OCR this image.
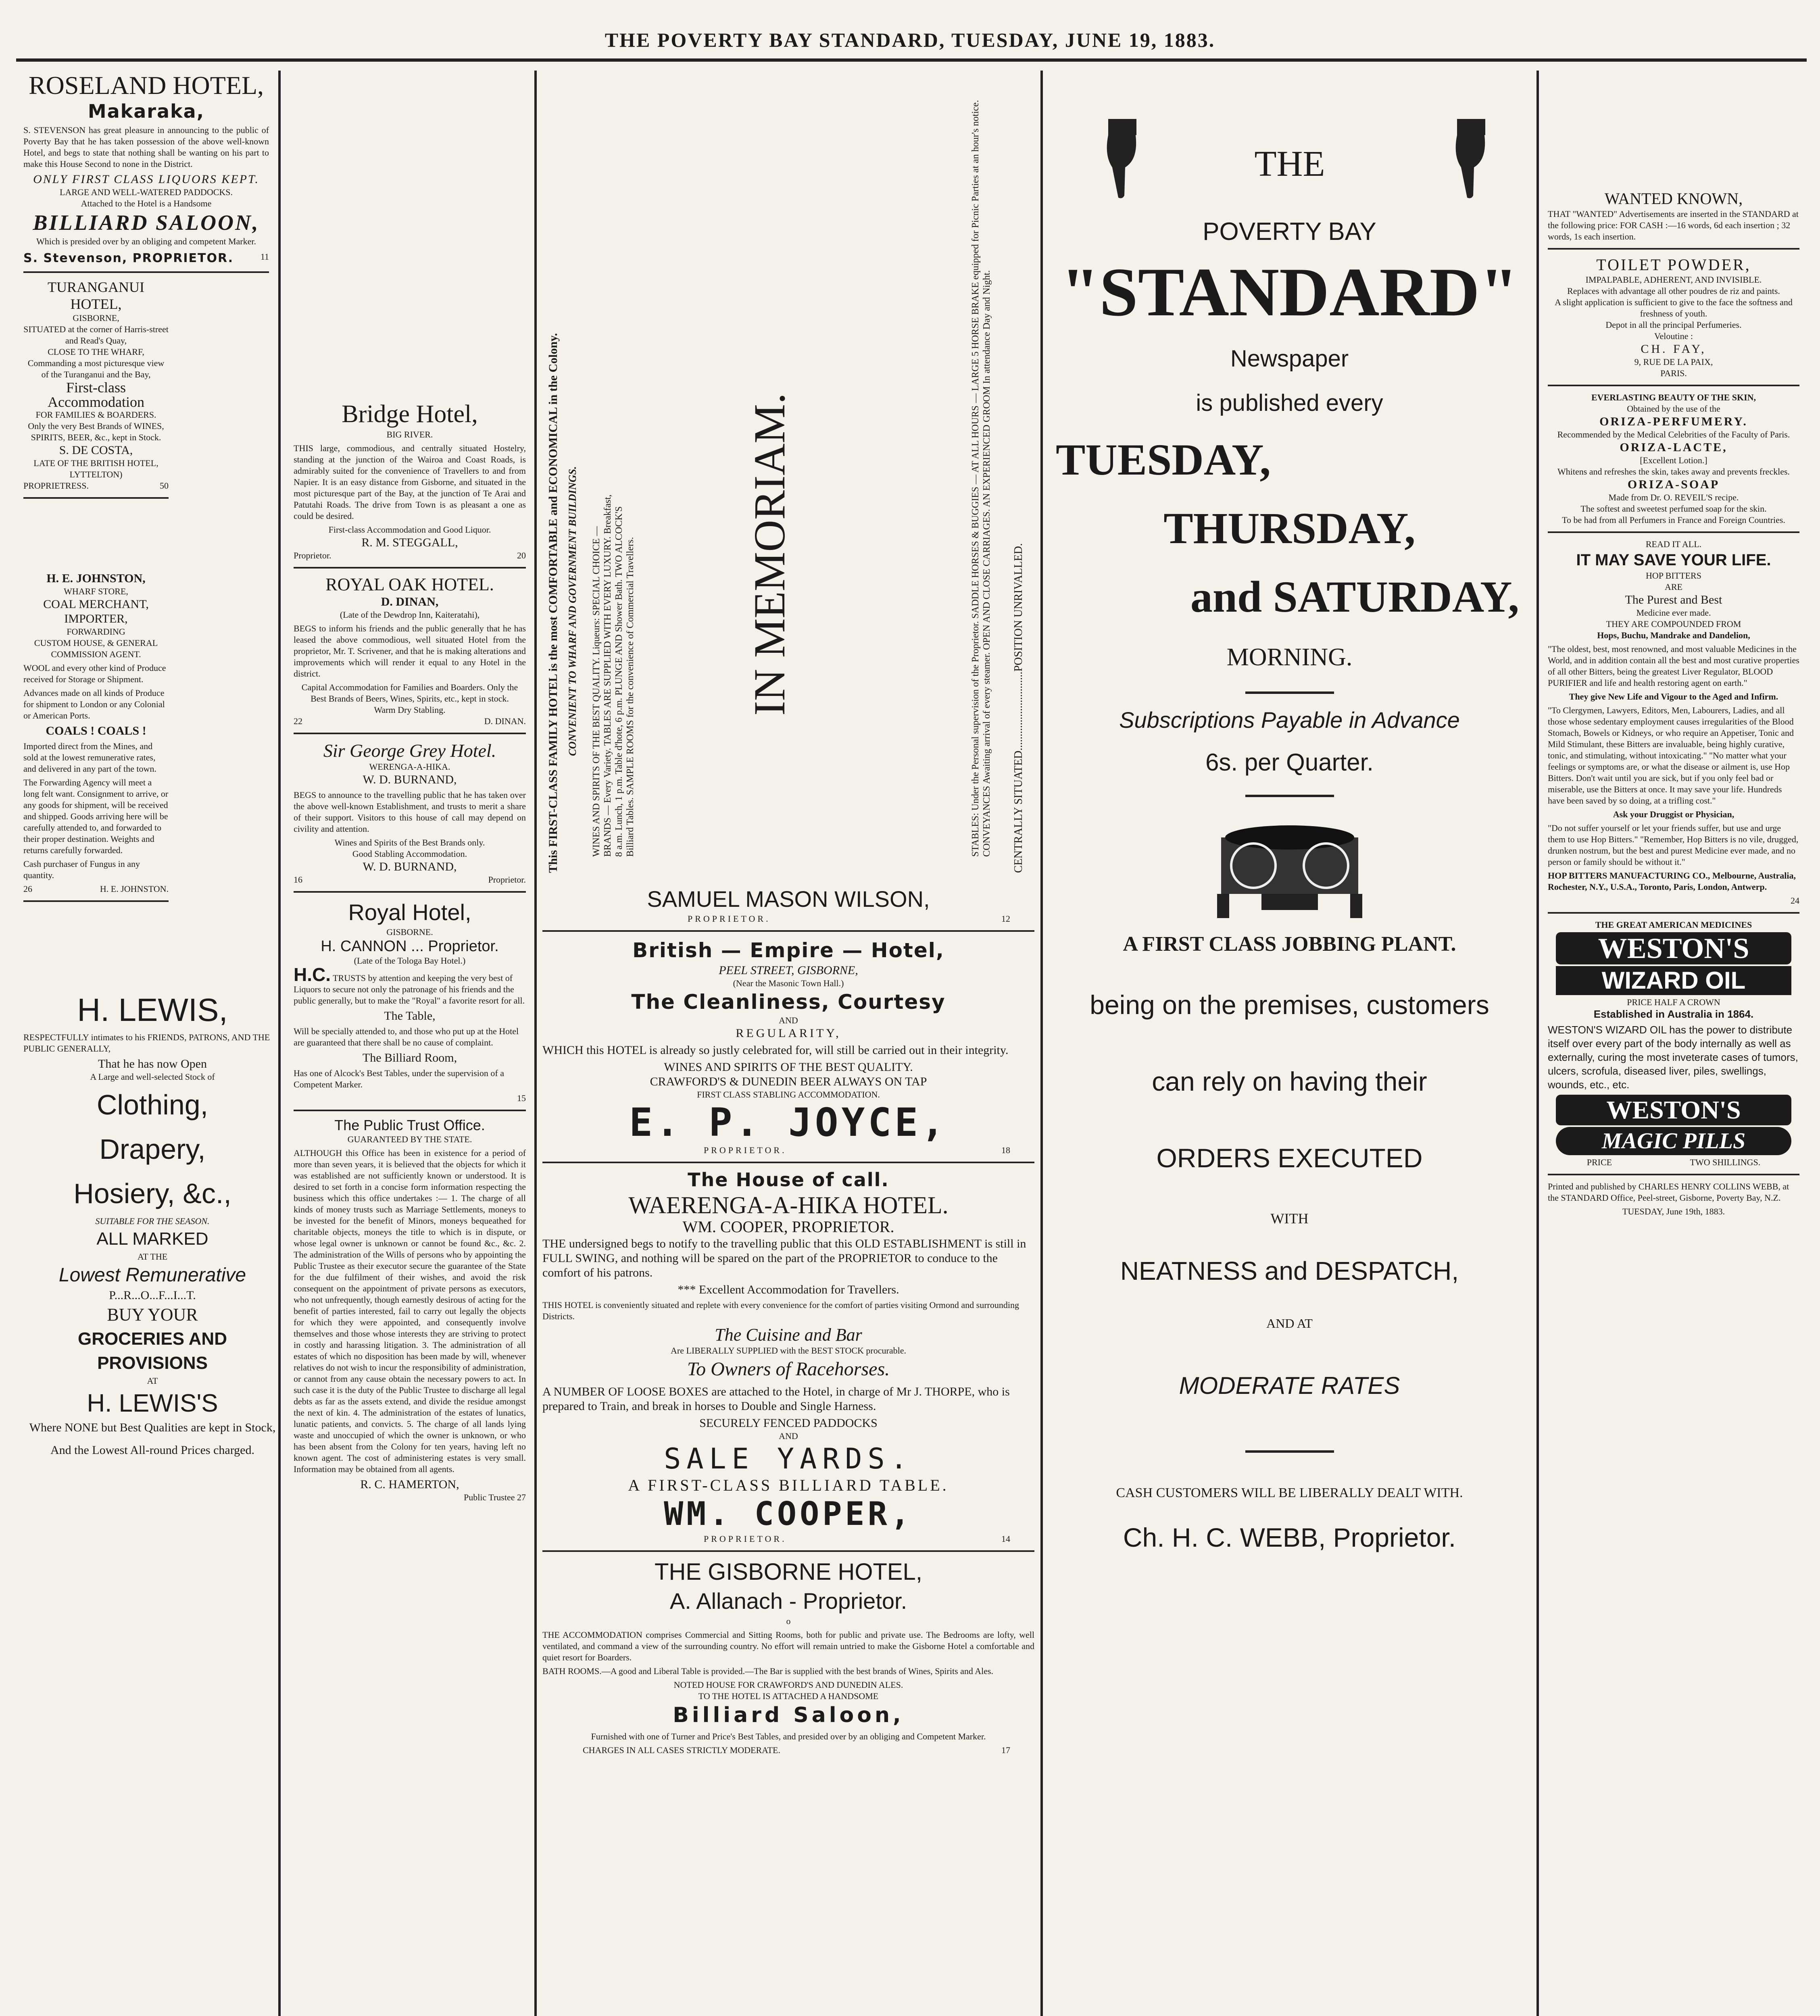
THE POVERTY BAY STANDARD, TUESDAY, JUNE 19, 1883.
ROSELAND HOTEL,
Makaraka,
S. STEVENSON has great pleasure in announcing to the public of Poverty Bay that he has taken possession of the above well-known Hotel, and begs to state that nothing shall be wanting on his part to make this House Second to none in the District.
ONLY FIRST CLASS LIQUORS KEPT.
LARGE AND WELL-WATERED PADDOCKS.
Attached to the Hotel is a Handsome
BILLIARD SALOON,
Which is presided over by an obliging and competent Marker.
S. Stevenson, PROPRIETOR.	11
TURANGANUI HOTEL,
GISBORNE,
SITUATED at the corner of Harris-street and Read's Quay,
CLOSE TO THE WHARF,
Commanding a most picturesque view of the Turanganui and the Bay,
First-class Accommodation
FOR FAMILIES & BOARDERS.
Only the very Best Brands of WINES, SPIRITS, BEER, &c., kept in Stock.
S. DE COSTA,
LATE OF THE BRITISH HOTEL, LYTTELTON)
PROPRIETRESS.	50
H. E. JOHNSTON,
WHARF STORE,
COAL MERCHANT, IMPORTER,
FORWARDING
CUSTOM HOUSE, & GENERAL COMMISSION AGENT.
WOOL and every other kind of Produce received for Storage or Shipment.
Advances made on all kinds of Produce for shipment to London or any Colonial or American Ports.
COALS ! COALS !
Imported direct from the Mines, and sold at the lowest remunerative rates, and delivered in any part of the town.
The Forwarding Agency will meet a long felt want. Consignment to arrive, or any goods for shipment, will be received and shipped. Goods arriving here will be carefully attended to, and forwarded to their proper destination. Weights and returns carefully forwarded.
Cash purchaser of Fungus in any quantity.
26	H. E. JOHNSTON.
H. LEWIS,
RESPECTFULLY intimates to his FRIENDS, PATRONS, AND THE PUBLIC GENERALLY,
That he has now Open
A Large and well-selected Stock of
Clothing,
Drapery,
Hosiery, &c.,
SUITABLE FOR THE SEASON.
ALL MARKED
AT THE
Lowest Remunerative
P...R...O...F...I...T.
BUY YOUR
GROCERIES AND PROVISIONS
AT
H. LEWIS'S
Where NONE but Best Qualities are kept in Stock,
And the Lowest All-round Prices charged.
Bridge Hotel,
BIG RIVER.
THIS large, commodious, and centrally situated Hostelry, standing at the junction of the Wairoa and Coast Roads, is admirably suited for the convenience of Travellers to and from Napier. It is an easy distance from Gisborne, and situated in the most picturesque part of the Bay, at the junction of Te Arai and Patutahi Roads. The drive from Town is as pleasant a one as could be desired.
First-class Accommodation and Good Liquor.
R. M. STEGGALL,
Proprietor.	20
ROYAL OAK HOTEL.
D. DINAN,
(Late of the Dewdrop Inn, Kaiteratahi),
BEGS to inform his friends and the public generally that he has leased the above commodious, well situated Hotel from the proprietor, Mr. T. Scrivener, and that he is making alterations and improvements which will render it equal to any Hotel in the district.
Capital Accommodation for Families and Boarders. Only the Best Brands of Beers, Wines, Spirits, etc., kept in stock.
Warm Dry Stabling.
22	D. DINAN.
Sir George Grey Hotel.
WERENGA-A-HIKA.
W. D. BURNAND,
BEGS to announce to the travelling public that he has taken over the above well-known Establishment, and trusts to merit a share of their support. Visitors to this house of call may depend on civility and attention.
Wines and Spirits of the Best Brands only.
Good Stabling Accommodation.
W. D. BURNAND,
16	Proprietor.
Royal Hotel,
GISBORNE.
H. CANNON ... Proprietor.
(Late of the Tologa Bay Hotel.)
H.C. TRUSTS by attention and keeping the very best of Liquors to secure not only the patronage of his friends and the public generally, but to make the "Royal" a favorite resort for all.
The Table,
Will be specially attended to, and those who put up at the Hotel are guaranteed that there shall be no cause of complaint.
The Billiard Room,
Has one of Alcock's Best Tables, under the supervision of a Competent Marker.
15
The Public Trust Office.
GUARANTEED BY THE STATE.
ALTHOUGH this Office has been in existence for a period of more than seven years, it is believed that the objects for which it was established are not sufficiently known or understood. It is desired to set forth in a concise form information respecting the business which this office undertakes :— 1. The charge of all kinds of money trusts such as Marriage Settlements, moneys to be invested for the benefit of Minors, moneys bequeathed for charitable objects, moneys the title to which is in dispute, or whose legal owner is unknown or cannot be found &c., &c. 2. The administration of the Wills of persons who by appointing the Public Trustee as their executor secure the guarantee of the State for the due fulfilment of their wishes, and avoid the risk consequent on the appointment of private persons as executors, who not unfrequently, though earnestly desirous of acting for the benefit of parties interested, fail to carry out legally the objects for which they were appointed, and consequently involve themselves and those whose interests they are striving to protect in costly and harassing litigation. 3. The administration of all estates of which no disposition has been made by will, whenever relatives do not wish to incur the responsibility of administration, or cannot from any cause obtain the necessary powers to act. In such case it is the duty of the Public Trustee to discharge all legal debts as far as the assets extend, and divide the residue amongst the next of kin. 4. The administration of the estates of lunatics, lunatic patients, and convicts. 5. The charge of all lands lying waste and unoccupied of which the owner is unknown, or who has been absent from the Colony for ten years, having left no known agent. The cost of administering estates is very small. Information may be obtained from all agents.
R. C. HAMERTON,
Public Trustee 27
This FIRST-CLASS FAMILY HOTEL is the most COMFORTABLE and ECONOMICAL in the Colony. CONVENIENT TO WHARF AND GOVERNMENT BUILDINGS.	CENTRALLY SITUATED............................POSITION UNRIVALLED.
IN MEMORIAM.	STABLES: Under the Personal supervision of the Proprietor. SADDLE HORSES & BUGGIES — AT ALL HOURS — LARGE 5 HORSE BRAKE equipped for Picnic Parties at an hour's notice. CONVEYANCES Awaiting arrival of every steamer. OPEN AND CLOSE CARRIAGES. AN EXPERIENCED GROOM In attendance Day and Night.
WINES AND SPIRITS OF THE BEST QUALITY. Liqueurs: SPECIAL CHOICE — BRANDS — Every Variety. TABLES ARE SUPPLIED WITH EVERY LUXURY. Breakfast, 8 a.m. Lunch, 1 p.m. Table d'hote, 6 p.m. PLUNGE AND Shower Bath. TWO ALCOCK'S Billiard Tables. SAMPLE ROOMS for the convenience of Commercial Travellers.
SAMUEL MASON WILSON,
PROPRIETOR.	12
British — Empire — Hotel,
PEEL STREET, GISBORNE,
(Near the Masonic Town Hall.)
The Cleanliness, Courtesy
AND
REGULARITY,
WHICH this HOTEL is already so justly celebrated for, will still be carried out in their integrity.
WINES AND SPIRITS OF THE BEST QUALITY.
CRAWFORD'S & DUNEDIN BEER ALWAYS ON TAP
FIRST CLASS STABLING ACCOMMODATION.
E. P. JOYCE,
PROPRIETOR.	18
The House of call.
WAERENGA-A-HIKA HOTEL.
WM. COOPER, PROPRIETOR.
THE undersigned begs to notify to the travelling public that this OLD ESTABLISHMENT is still in FULL SWING, and nothing will be spared on the part of the PROPRIETOR to conduce to the comfort of his patrons.
*** Excellent Accommodation for Travellers.
THIS HOTEL is conveniently situated and replete with every convenience for the comfort of parties visiting Ormond and surrounding Districts.
The Cuisine and Bar
Are LIBERALLY SUPPLIED with the BEST STOCK procurable.
To Owners of Racehorses.
A NUMBER OF LOOSE BOXES are attached to the Hotel, in charge of Mr J. THORPE, who is prepared to Train, and break in horses to Double and Single Harness.
SECURELY FENCED PADDOCKS
AND
SALE YARDS.
A FIRST-CLASS BILLIARD TABLE.
WM. COOPER,
PROPRIETOR.	14
THE GISBORNE HOTEL,
A. Allanach - Proprietor.
o
THE ACCOMMODATION comprises Commercial and Sitting Rooms, both for public and private use. The Bedrooms are lofty, well ventilated, and command a view of the surrounding country. No effort will remain untried to make the Gisborne Hotel a comfortable and quiet resort for Boarders.
BATH ROOMS.—A good and Liberal Table is provided.—The Bar is supplied with the best brands of Wines, Spirits and Ales.
NOTED HOUSE FOR CRAWFORD'S AND DUNEDIN ALES.
TO THE HOTEL IS ATTACHED A HANDSOME
Billiard Saloon,
Furnished with one of Turner and Price's Best Tables, and presided over by an obliging and Competent Marker.
CHARGES IN ALL CASES STRICTLY MODERATE.	17
THE
POVERTY BAY
"STANDARD"
Newspaper
is published every
TUESDAY,
THURSDAY,
and SATURDAY,
MORNING.
Subscriptions Payable in Advance
6s. per Quarter.
A FIRST CLASS JOBBING PLANT.
being on the premises, customers
can rely on having their
ORDERS EXECUTED
WITH
NEATNESS and DESPATCH,
AND AT
MODERATE RATES
CASH CUSTOMERS WILL BE LIBERALLY DEALT WITH.
Ch. H. C. WEBB, Proprietor.
WANTED KNOWN,
THAT "WANTED" Advertisements are inserted in the STANDARD at the following price: FOR CASH :—16 words, 6d each insertion ; 32 words, 1s each insertion.
TOILET POWDER,
IMPALPABLE, ADHERENT, AND INVISIBLE.
Replaces with advantage all other poudres de riz and paints.
A slight application is sufficient to give to the face the softness and freshness of youth.
Depot in all the principal Perfumeries.
Veloutine :
CH. FAY,
9, RUE DE LA PAIX,
PARIS.
EVERLASTING BEAUTY OF THE SKIN,
Obtained by the use of the
ORIZA-PERFUMERY.
Recommended by the Medical Celebrities of the Faculty of Paris.
ORIZA-LACTE,
[Excellent Lotion.]
Whitens and refreshes the skin, takes away and prevents freckles.
ORIZA-SOAP
Made from Dr. O. REVEIL'S recipe.
The softest and sweetest perfumed soap for the skin.
To be had from all Perfumers in France and Foreign Countries.
READ IT ALL.
IT MAY SAVE YOUR LIFE.
HOP BITTERS
ARE
The Purest and Best
Medicine ever made.
THEY ARE COMPOUNDED FROM
Hops, Buchu, Mandrake and Dandelion,
"The oldest, best, most renowned, and most valuable Medicines in the World, and in addition contain all the best and most curative properties of all other Bitters, being the greatest Liver Regulator, BLOOD PURIFIER and life and health restoring agent on earth."
They give New Life and Vigour to the Aged and Infirm.
"To Clergymen, Lawyers, Editors, Men, Labourers, Ladies, and all those whose sedentary employment causes irregularities of the Blood Stomach, Bowels or Kidneys, or who require an Appetiser, Tonic and Mild Stimulant, these Bitters are invaluable, being highly curative, tonic, and stimulating, without intoxicating." "No matter what your feelings or symptoms are, or what the disease or ailment is, use Hop Bitters. Don't wait until you are sick, but if you only feel bad or miserable, use the Bitters at once. It may save your life. Hundreds have been saved by so doing, at a trifling cost."
Ask your Druggist or Physician,
"Do not suffer yourself or let your friends suffer, but use and urge them to use Hop Bitters." "Remember, Hop Bitters is no vile, drugged, drunken nostrum, but the best and purest Medicine ever made, and no person or family should be without it."
HOP BITTERS MANUFACTURING CO., Melbourne, Australia, Rochester, N.Y., U.S.A., Toronto, Paris, London, Antwerp.
24
THE GREAT AMERICAN MEDICINES
WESTON'S
WIZARD OIL
PRICE HALF A CROWN
Established in Australia in 1864.
WESTON'S WIZARD OIL has the power to distribute itself over every part of the body internally as well as externally, curing the most inveterate cases of tumors, ulcers, scrofula, diseased liver, piles, swellings, wounds, etc., etc.
WESTON'S
MAGIC PILLS
PRICE	TWO SHILLINGS.
Printed and published by CHARLES HENRY COLLINS WEBB, at the STANDARD Office, Peel-street, Gisborne, Poverty Bay, N.Z.
TUESDAY, June 19th, 1883.
